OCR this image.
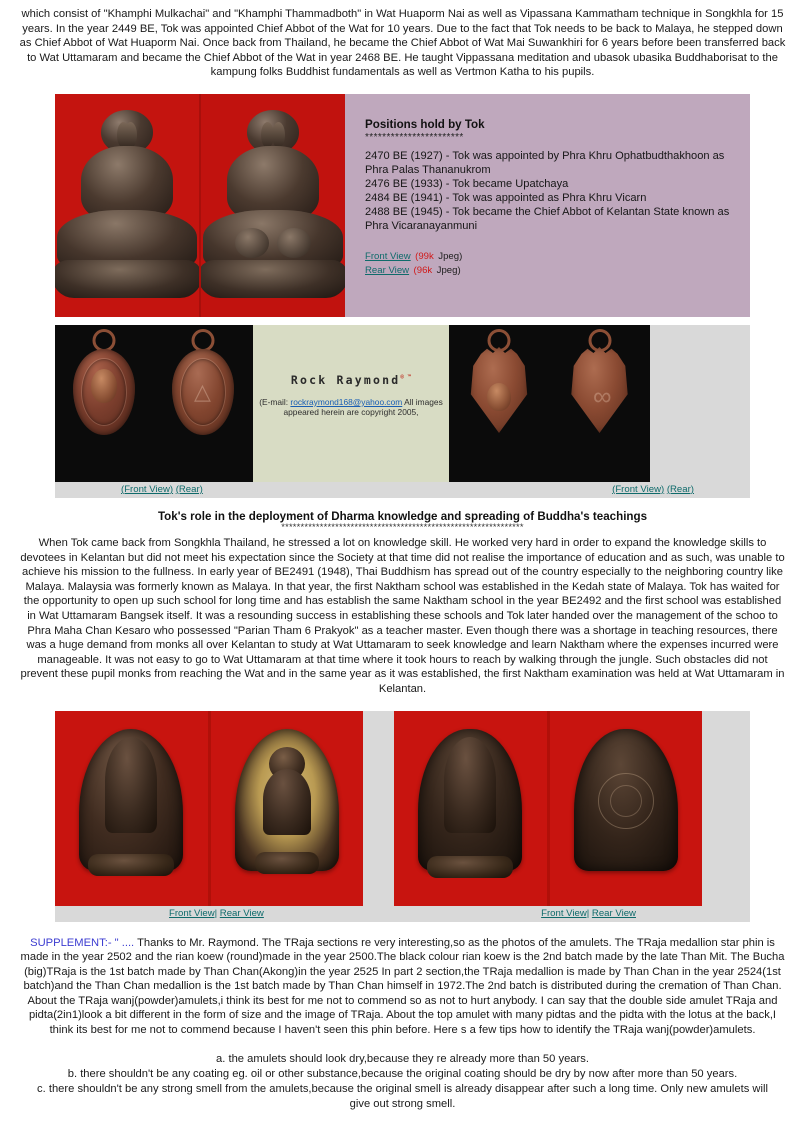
which consist of "Khamphi Mulkachai" and "Khamphi Thammadboth" in Wat Huaporm Nai as well as Vipassana Kammatham technique in Songkhla for 15 years. In the year 2449 BE, Tok was appointed Chief Abbot of the Wat for 10 years. Due to the fact that Tok needs to be back to Malaya, he stepped down as Chief Abbot of Wat Huaporm Nai. Once back from Thailand, he became the Chief Abbot of Wat Mai Suwankhiri for 6 years before been transferred back to Wat Uttamaram and became the Chief Abbot of the Wat in year 2468 BE. He taught Vippassana meditation and ubasok ubasika Buddhaborisat to the kampung folks Buddhist fundamentals as well as Vertmon Katha to his pupils.

Positions hold by Tok
***********************
2470 BE (1927) - Tok was appointed by Phra Khru Ophatbudthakhoon as Phra Palas Thananukrom
2476 BE (1933) - Tok became Upatchaya
2484 BE (1941) - Tok was appointed as Phra Khru Vicarn
2488 BE (1945) - Tok became the Chief Abbot of Kelantan State known as Phra Vicaranayanmuni
Front View (99k Jpeg)
Rear View (96k Jpeg)
△	Rock Raymond® ™
(E-mail: rockraymond168@yahoo.com All images appeared herein are copyright 2005,
∞
(Front View) (Rear)	(Front View) (Rear)
Tok's role in the deployment of Dharma knowledge and spreading of Buddha's teachings
***************************************************************

When Tok came back from Songkhla Thailand, he stressed a lot on knowledge skill. He worked very hard in order to expand the knowledge skills to devotees in Kelantan but did not meet his expectation since the Society at that time did not realise the importance of education and as such, was unable to achieve his mission to the fullness. In early year of BE2491 (1948), Thai Buddhism has spread out of the country especially to the neighboring country like Malaya. Malaysia was formerly known as Malaya. In that year, the first Naktham school was established in the Kedah state of Malaya. Tok has waited for the opportunity to open up such school for long time and has establish the same Naktham school in the year BE2492 and the first school was established in Wat Uttamaram Bangsek itself. It was a resounding success in establishing these schools and Tok later handed over the management of the schoo to Phra Maha Chan Kesaro who possessed "Parian Tham 6 Prakyok" as a teacher master. Even though there was a shortage in teaching resources, there was a huge demand from monks all over Kelantan to study at Wat Uttamaram to seek knowledge and learn Naktham where the expenses incurred were manageable. It was not easy to go to Wat Uttamaram at that time where it took hours to reach by walking through the jungle. Such obstacles did not prevent these pupil monks from reaching the Wat and in the same year as it was established, the first Naktham examination was held at Wat Uttamaram in Kelantan.

Front View| Rear View	Front View| Rear View

SUPPLEMENT:- " .... Thanks to Mr. Raymond. The TRaja sections re very interesting,so as the photos of the amulets. The TRaja medallion star phin is made in the year 2502 and the rian koew (round)made in the year 2500.The black colour rian koew is the 2nd batch made by the late Than Mit. The Bucha (big)TRaja is the 1st batch made by Than Chan(Akong)in the year 2525 In part 2 section,the TRaja medallion is made by Than Chan in the year 2524(1st batch)and the Than Chan medallion is the 1st batch made by Than Chan himself in 1972.The 2nd batch is distributed during the cremation of Than Chan. About the TRaja wanj(powder)amulets,i think its best for me not to commend so as not to hurt anybody. I can say that the double side amulet TRaja and pidta(2in1)look a bit different in the form of size and the image of TRaja. About the top amulet with many pidtas and the pidta with the lotus at the back,I think its best for me not to commend because I haven't seen this phin before. Here s a few tips how to identify the TRaja wanj(powder)amulets.

a. the amulets should look dry,because they re already more than 50 years.

b. there shouldn't be any coating eg. oil or other substance,because the original coating should be dry by now after more than 50 years.

c. there shouldn't be any strong smell from the amulets,because the original smell is already disappear after such a long time. Only new amulets will give out strong smell.
